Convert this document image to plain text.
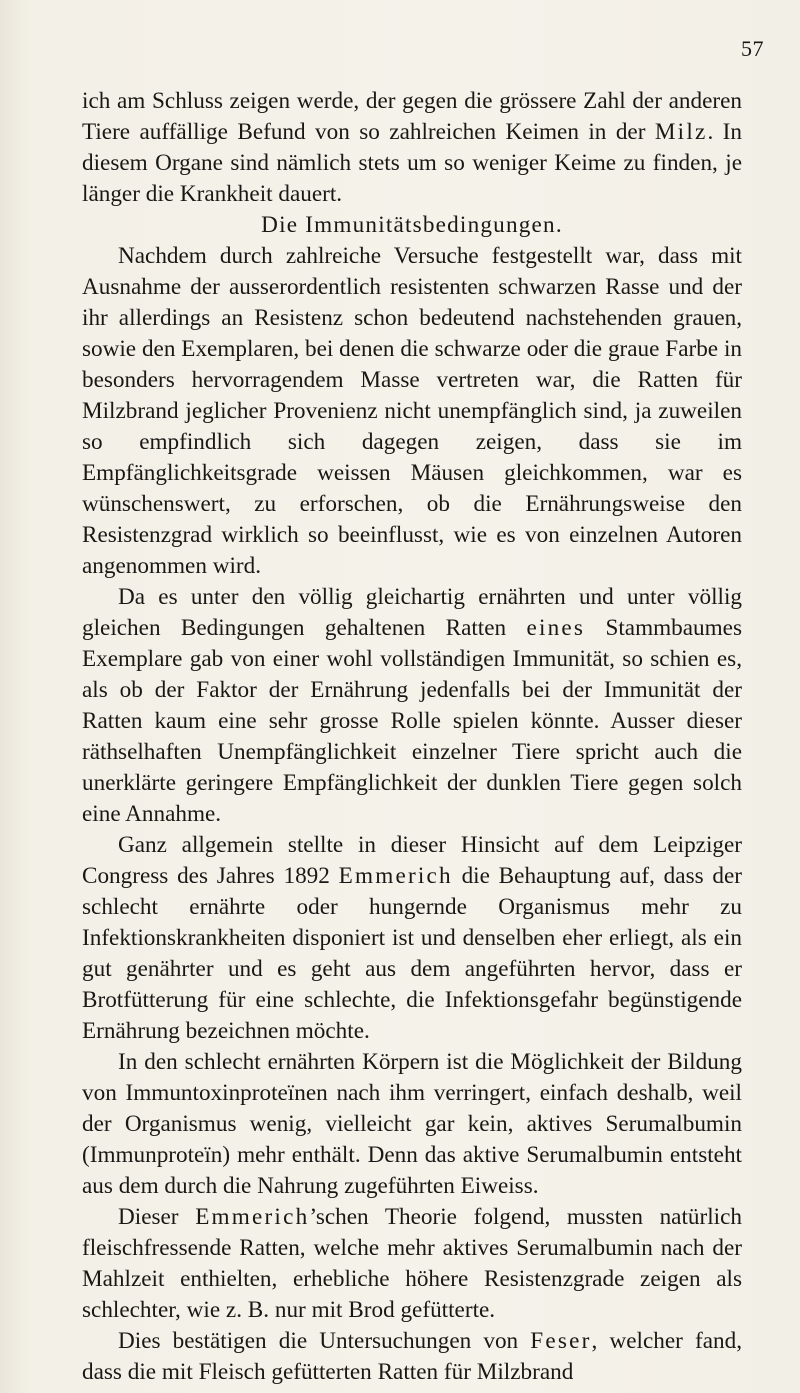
57

ich am Schluss zeigen werde, der gegen die grössere Zahl der anderen Tiere auffällige Befund von so zahlreichen Keimen in der Milz. In diesem Organe sind nämlich stets um so weniger Keime zu finden, je länger die Krankheit dauert.

Die Immunitätsbedingungen.

Nachdem durch zahlreiche Versuche festgestellt war, dass mit Ausnahme der ausserordentlich resistenten schwarzen Rasse und der ihr allerdings an Resistenz schon bedeutend nachstehenden grauen, sowie den Exemplaren, bei denen die schwarze oder die graue Farbe in besonders hervorragendem Masse vertreten war, die Ratten für Milzbrand jeglicher Provenienz nicht unempfänglich sind, ja zuweilen so empfindlich sich dagegen zeigen, dass sie im Empfänglichkeitsgrade weissen Mäusen gleichkommen, war es wünschenswert, zu erforschen, ob die Ernährungsweise den Resistenzgrad wirklich so beeinflusst, wie es von einzelnen Autoren angenommen wird.

Da es unter den völlig gleichartig ernährten und unter völlig gleichen Bedingungen gehaltenen Ratten eines Stammbaumes Exemplare gab von einer wohl vollständigen Immunität, so schien es, als ob der Faktor der Ernährung jedenfalls bei der Immunität der Ratten kaum eine sehr grosse Rolle spielen könnte. Ausser dieser räthselhaften Unempfänglichkeit einzelner Tiere spricht auch die unerklärte geringere Empfänglichkeit der dunklen Tiere gegen solch eine Annahme.

Ganz allgemein stellte in dieser Hinsicht auf dem Leipziger Congress des Jahres 1892 Emmerich die Behauptung auf, dass der schlecht ernährte oder hungernde Organismus mehr zu Infektionskrankheiten disponiert ist und denselben eher erliegt, als ein gut genährter und es geht aus dem angeführten hervor, dass er Brotfütterung für eine schlechte, die Infektionsgefahr begünstigende Ernährung bezeichnen möchte.

In den schlecht ernährten Körpern ist die Möglichkeit der Bildung von Immuntoxinproteïnen nach ihm verringert, einfach deshalb, weil der Organismus wenig, vielleicht gar kein, aktives Serumalbumin (Immunproteïn) mehr enthält. Denn das aktive Serumalbumin entsteht aus dem durch die Nahrung zugeführten Eiweiss.

Dieser Emmerich’schen Theorie folgend, mussten natürlich fleischfressende Ratten, welche mehr aktives Serumalbumin nach der Mahlzeit enthielten, erhebliche höhere Resistenzgrade zeigen als schlechter, wie z. B. nur mit Brod gefütterte.

Dies bestätigen die Untersuchungen von Feser, welcher fand, dass die mit Fleisch gefütterten Ratten für Milzbrand
